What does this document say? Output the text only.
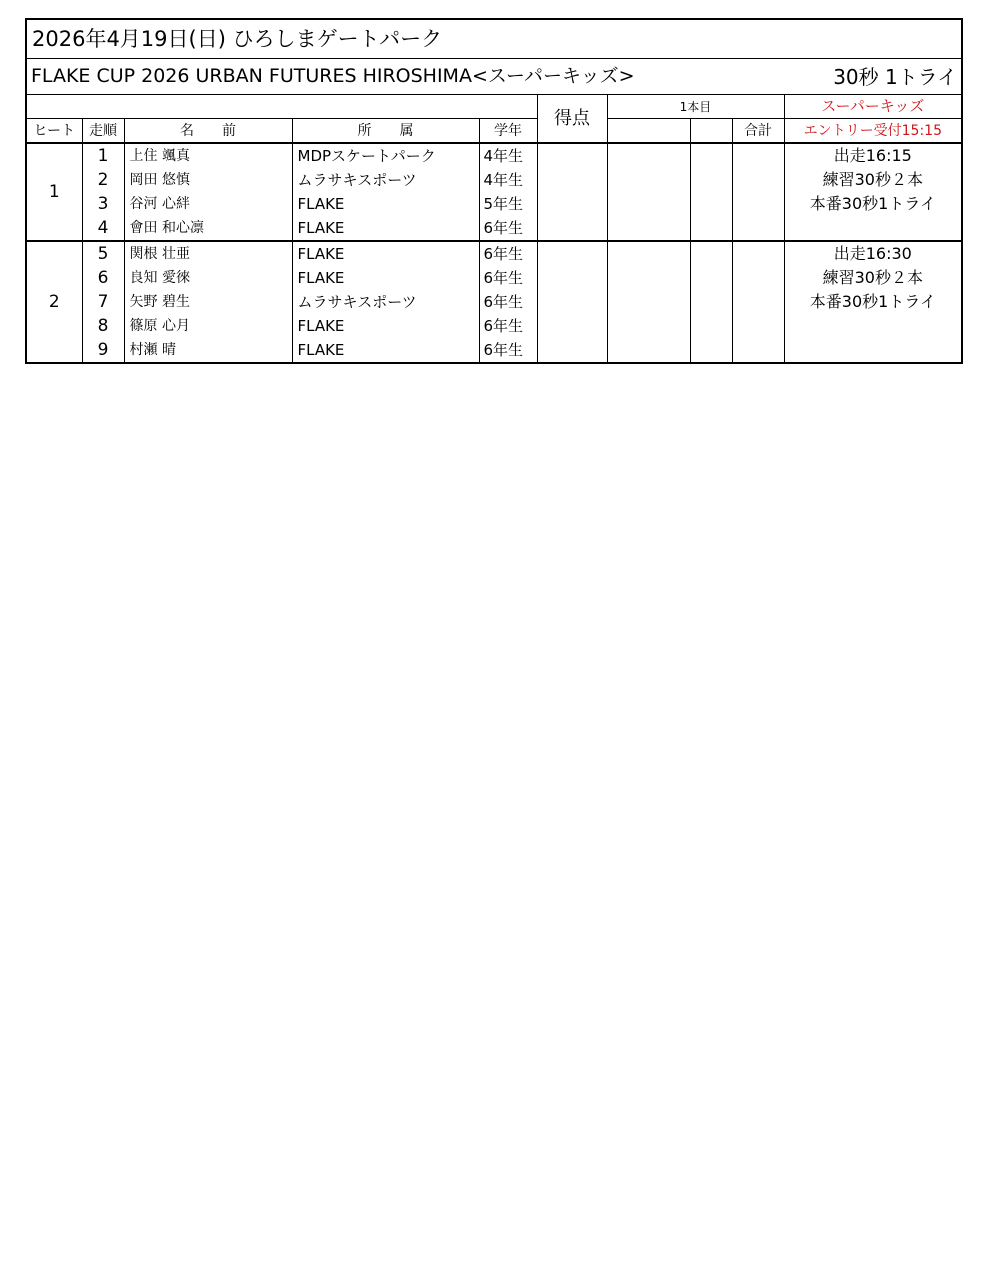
2026年4月19日(日) ひろしまゲートパーク									
FLAKE CUP 2026 URBAN FUTURES HIROSHIMA<スーパーキッズ>								30秒 1トライ	
					得点	1本目			スーパーキッズ
ヒート	走順	名　　前	所　　属	学年				合計	エントリー受付15:15
1	1	上住 颯真	MDPスケートパーク	4年生					出走16:15
	2	岡田 悠慎	ムラサキスポーツ	4年生					練習30秒２本
	3	谷河 心絆	FLAKE	5年生					本番30秒1トライ
	4	會田 和心凛	FLAKE	6年生					
2	5	関根 壮亜	FLAKE	6年生					出走16:30
	6	良知 愛徠	FLAKE	6年生					練習30秒２本
	7	矢野 碧生	ムラサキスポーツ	6年生					本番30秒1トライ
	8	篠原 心月	FLAKE	6年生					
	9	村瀬 晴	FLAKE	6年生					
